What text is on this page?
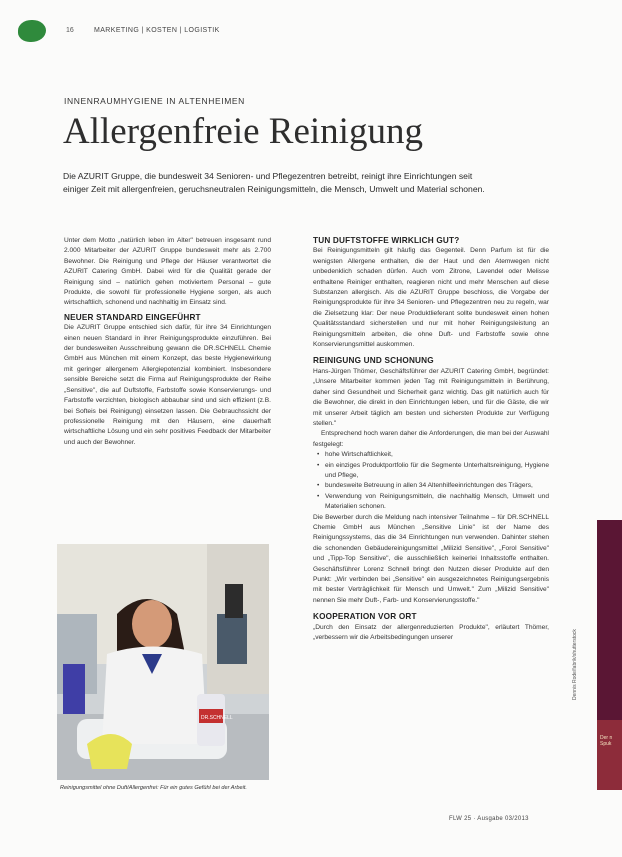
16	MARKETING | KOSTEN | LOGISTIK
INNENRAUMHYGIENE IN ALTENHEIMEN
Allergenfreie Reinigung
Die AZURIT Gruppe, die bundesweit 34 Senioren- und Pflegezentren betreibt, reinigt ihre Einrichtungen seit einiger Zeit mit allergenfreien, geruchsneutralen Reinigungsmitteln, die Mensch, Umwelt und Material schonen.

Unter dem Motto „natürlich leben im Alter" betreuen insgesamt rund 2.000 Mitarbeiter der AZURIT Gruppe bundesweit mehr als 2.700 Bewohner. Die Reinigung und Pflege der Häuser verantwortet die AZURIT Catering GmbH. Dabei wird für die Qualität gerade der Reinigung sind – natürlich gehen motiviertem Personal – gute Produkte, die sowohl für professionelle Hygiene sorgen, als auch wirtschaftlich, schonend und nachhaltig im Einsatz sind.

NEUER STANDARD EINGEFÜHRT

Die AZURIT Gruppe entschied sich dafür, für ihre 34 Einrichtungen einen neuen Standard in ihrer Reinigungsprodukte einzuführen. Bei der bundesweiten Ausschreibung gewann die DR.SCHNELL Chemie GmbH aus München mit einem Konzept, das beste Hygienewirkung mit geringer allergenem Allergiepotenzial kombiniert. Insbesondere sensible Bereiche setzt die Firma auf Reinigungsprodukte der Reihe „Sensitive", die auf Duftstoffe, Farbstoffe sowie Konservierungs- und Farbstoffe verzichten, biologisch abbaubar sind und sich effizient (z.B. bei Softeis bei Reinigung) einsetzen lassen. Die Gebrauchssicht der professionelle Reinigung mit den Häusern, eine dauerhaft wirtschaftliche Lösung und ein sehr positives Feedback der Mitarbeiter und auch der Bewohner.

DR.SCHNELL
Reinigungsmittel ohne Duft/Allergenfrei: Für ein gutes Gefühl bei der Arbeit.

TUN DUFTSTOFFE WIRKLICH GUT?

Bei Reinigungsmitteln gilt häufig das Gegenteil. Denn Parfum ist für die wenigsten Allergene enthalten, die der Haut und den Atemwegen nicht unbedenklich schaden dürfen. Auch vom Zitrone, Lavendel oder Melisse enthaltene Reiniger enthalten, reagieren nicht und mehr Menschen auf diese Substanzen allergisch. Als die AZURIT Gruppe beschloss, die Vorgabe der Reinigungsprodukte für ihre 34 Senioren- und Pflegezentren neu zu regeln, war die Zielsetzung klar: Der neue Produktlieferant sollte bundesweit einen hohen Qualitätsstandard sicherstellen und nur mit hoher Reinigungsleistung an Reinigungsmitteln arbeiten, die ohne Duft- und Farbstoffe sowie ohne Konservierungsmittel auskommen.

REINIGUNG UND SCHONUNG

Hans-Jürgen Thömer, Geschäftsführer der AZURIT Catering GmbH, begründet: „Unsere Mitarbeiter kommen jeden Tag mit Reinigungsmitteln in Berührung, daher sind Gesundheit und Sicherheit ganz wichtig. Das gilt natürlich auch für die Bewohner, die direkt in den Einrichtungen leben, und für die Gäste, die wir mit unserer Arbeit täglich am besten und sichersten Produkte zur Verfügung stellen."

Entsprechend hoch waren daher die Anforderungen, die man bei der Auswahl festgelegt:

• hohe Wirtschaftlichkeit,
• ein einziges Produktportfolio für die Segmente Unterhaltsreinigung, Hygiene und Pflege,
• bundesweite Betreuung in allen 34 Altenhilfeeinrichtungen des Trägers,
• Verwendung von Reinigungsmitteln, die nachhaltig Mensch, Umwelt und Materialien schonen.

Die Bewerber durch die Meldung nach intensiver Teilnahme – für DR.SCHNELL Chemie GmbH aus München „Sensitive Linie" ist der Name des Reinigungssystems, das die 34 Einrichtungen nun verwenden. Dahinter stehen die schonenden Gebäudereinigungsmittel „Milizid Sensitive", „Forol Sensitive" und „Tipp-Top Sensitive", die ausschließlich keinerlei Inhaltsstoffe enthalten. Geschäftsführer Lorenz Schnell bringt den Nutzen dieser Produkte auf den Punkt: „Wir verbinden bei „Sensitive" ein ausgezeichnetes Reinigungsergebnis mit bester Verträglichkeit für Mensch und Umwelt." Zum „Milizid Sensitive" nennen Sie mehr Duft-, Farb- und Konservierungsstoffe."

KOOPERATION VOR ORT

„Durch den Einsatz der allergenreduzierten Produkte", erläutert Thömer, „verbessern wir die Arbeitsbedingungen unserer

FLW 25 · Ausgabe 03/2013
Der n
Spuk
Dennis Rode/fabrik/shutterstock
